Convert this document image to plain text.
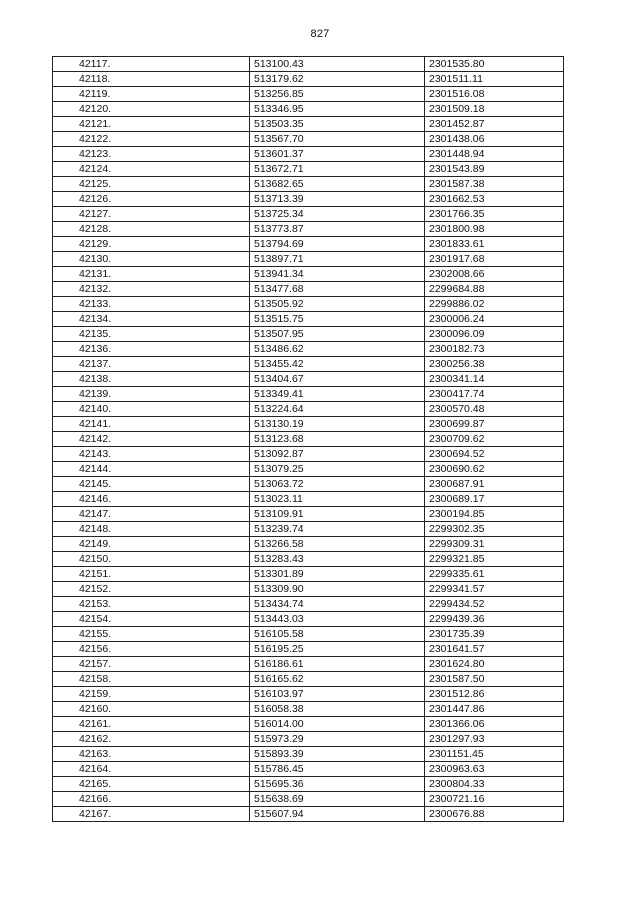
827
42117.	513100.43	2301535.80
42118.	513179.62	2301511.11
42119.	513256.85	2301516.08
42120.	513346.95	2301509.18
42121.	513503.35	2301452.87
42122.	513567.70	2301438.06
42123.	513601.37	2301448.94
42124.	513672.71	2301543.89
42125.	513682.65	2301587.38
42126.	513713.39	2301662.53
42127.	513725.34	2301766.35
42128.	513773.87	2301800.98
42129.	513794.69	2301833.61
42130.	513897.71	2301917.68
42131.	513941.34	2302008.66
42132.	513477.68	2299684.88
42133.	513505.92	2299886.02
42134.	513515.75	2300006.24
42135.	513507.95	2300096.09
42136.	513486.62	2300182.73
42137.	513455.42	2300256.38
42138.	513404.67	2300341.14
42139.	513349.41	2300417.74
42140.	513224.64	2300570.48
42141.	513130.19	2300699.87
42142.	513123.68	2300709.62
42143.	513092.87	2300694.52
42144.	513079.25	2300690.62
42145.	513063.72	2300687.91
42146.	513023.11	2300689.17
42147.	513109.91	2300194.85
42148.	513239.74	2299302.35
42149.	513266.58	2299309.31
42150.	513283.43	2299321.85
42151.	513301.89	2299335.61
42152.	513309.90	2299341.57
42153.	513434.74	2299434.52
42154.	513443.03	2299439.36
42155.	516105.58	2301735.39
42156.	516195.25	2301641.57
42157.	516186.61	2301624.80
42158.	516165.62	2301587.50
42159.	516103.97	2301512.86
42160.	516058.38	2301447.86
42161.	516014.00	2301366.06
42162.	515973.29	2301297.93
42163.	515893.39	2301151.45
42164.	515786.45	2300963.63
42165.	515695.36	2300804.33
42166.	515638.69	2300721.16
42167.	515607.94	2300676.88
